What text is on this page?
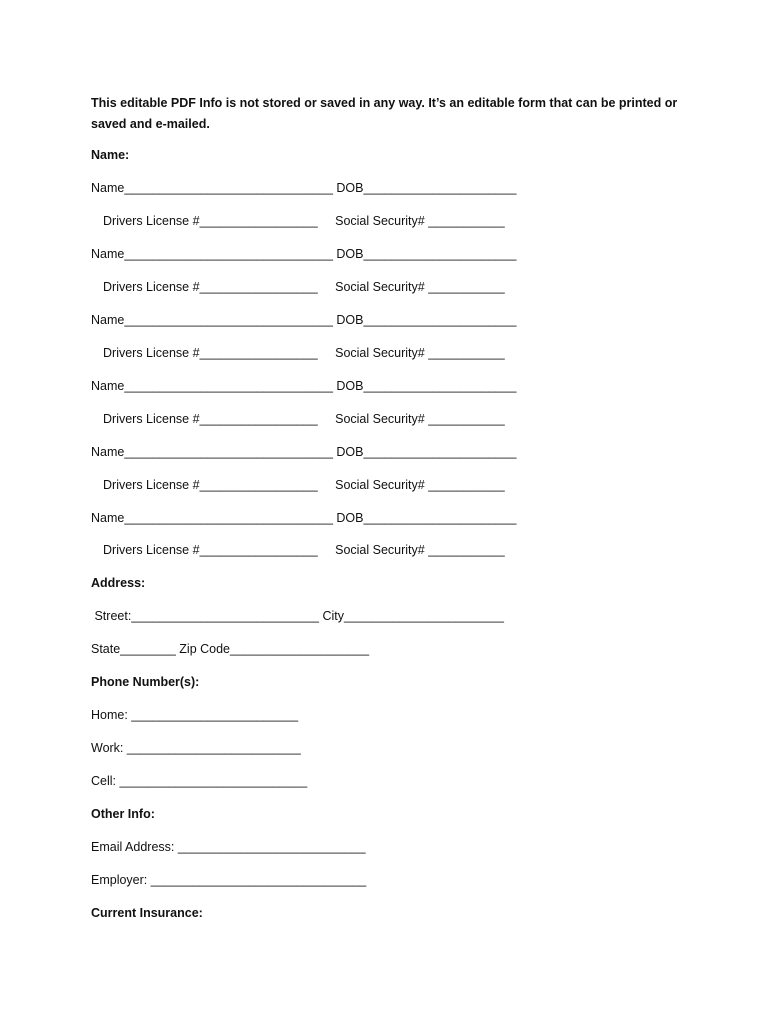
This editable PDF Info is not stored or saved in any way. It’s an editable form that can be printed or saved and e-mailed.
Name:
Name______________________________ DOB______________________
Drivers License #_________________     Social Security# ___________
Name______________________________ DOB______________________
Drivers License #_________________     Social Security# ___________
Name______________________________ DOB______________________
Drivers License #_________________     Social Security# ___________
Name______________________________ DOB______________________
Drivers License #_________________     Social Security# ___________
Name______________________________ DOB______________________
Drivers License #_________________     Social Security# ___________
Name______________________________ DOB______________________
Drivers License #_________________     Social Security# ___________
Address:
Street:___________________________ City_______________________
State________ Zip Code____________________
Phone Number(s):
Home: ________________________
Work: _________________________
Cell: ___________________________
Other Info:
Email Address: ___________________________
Employer: _______________________________
Current Insurance:
